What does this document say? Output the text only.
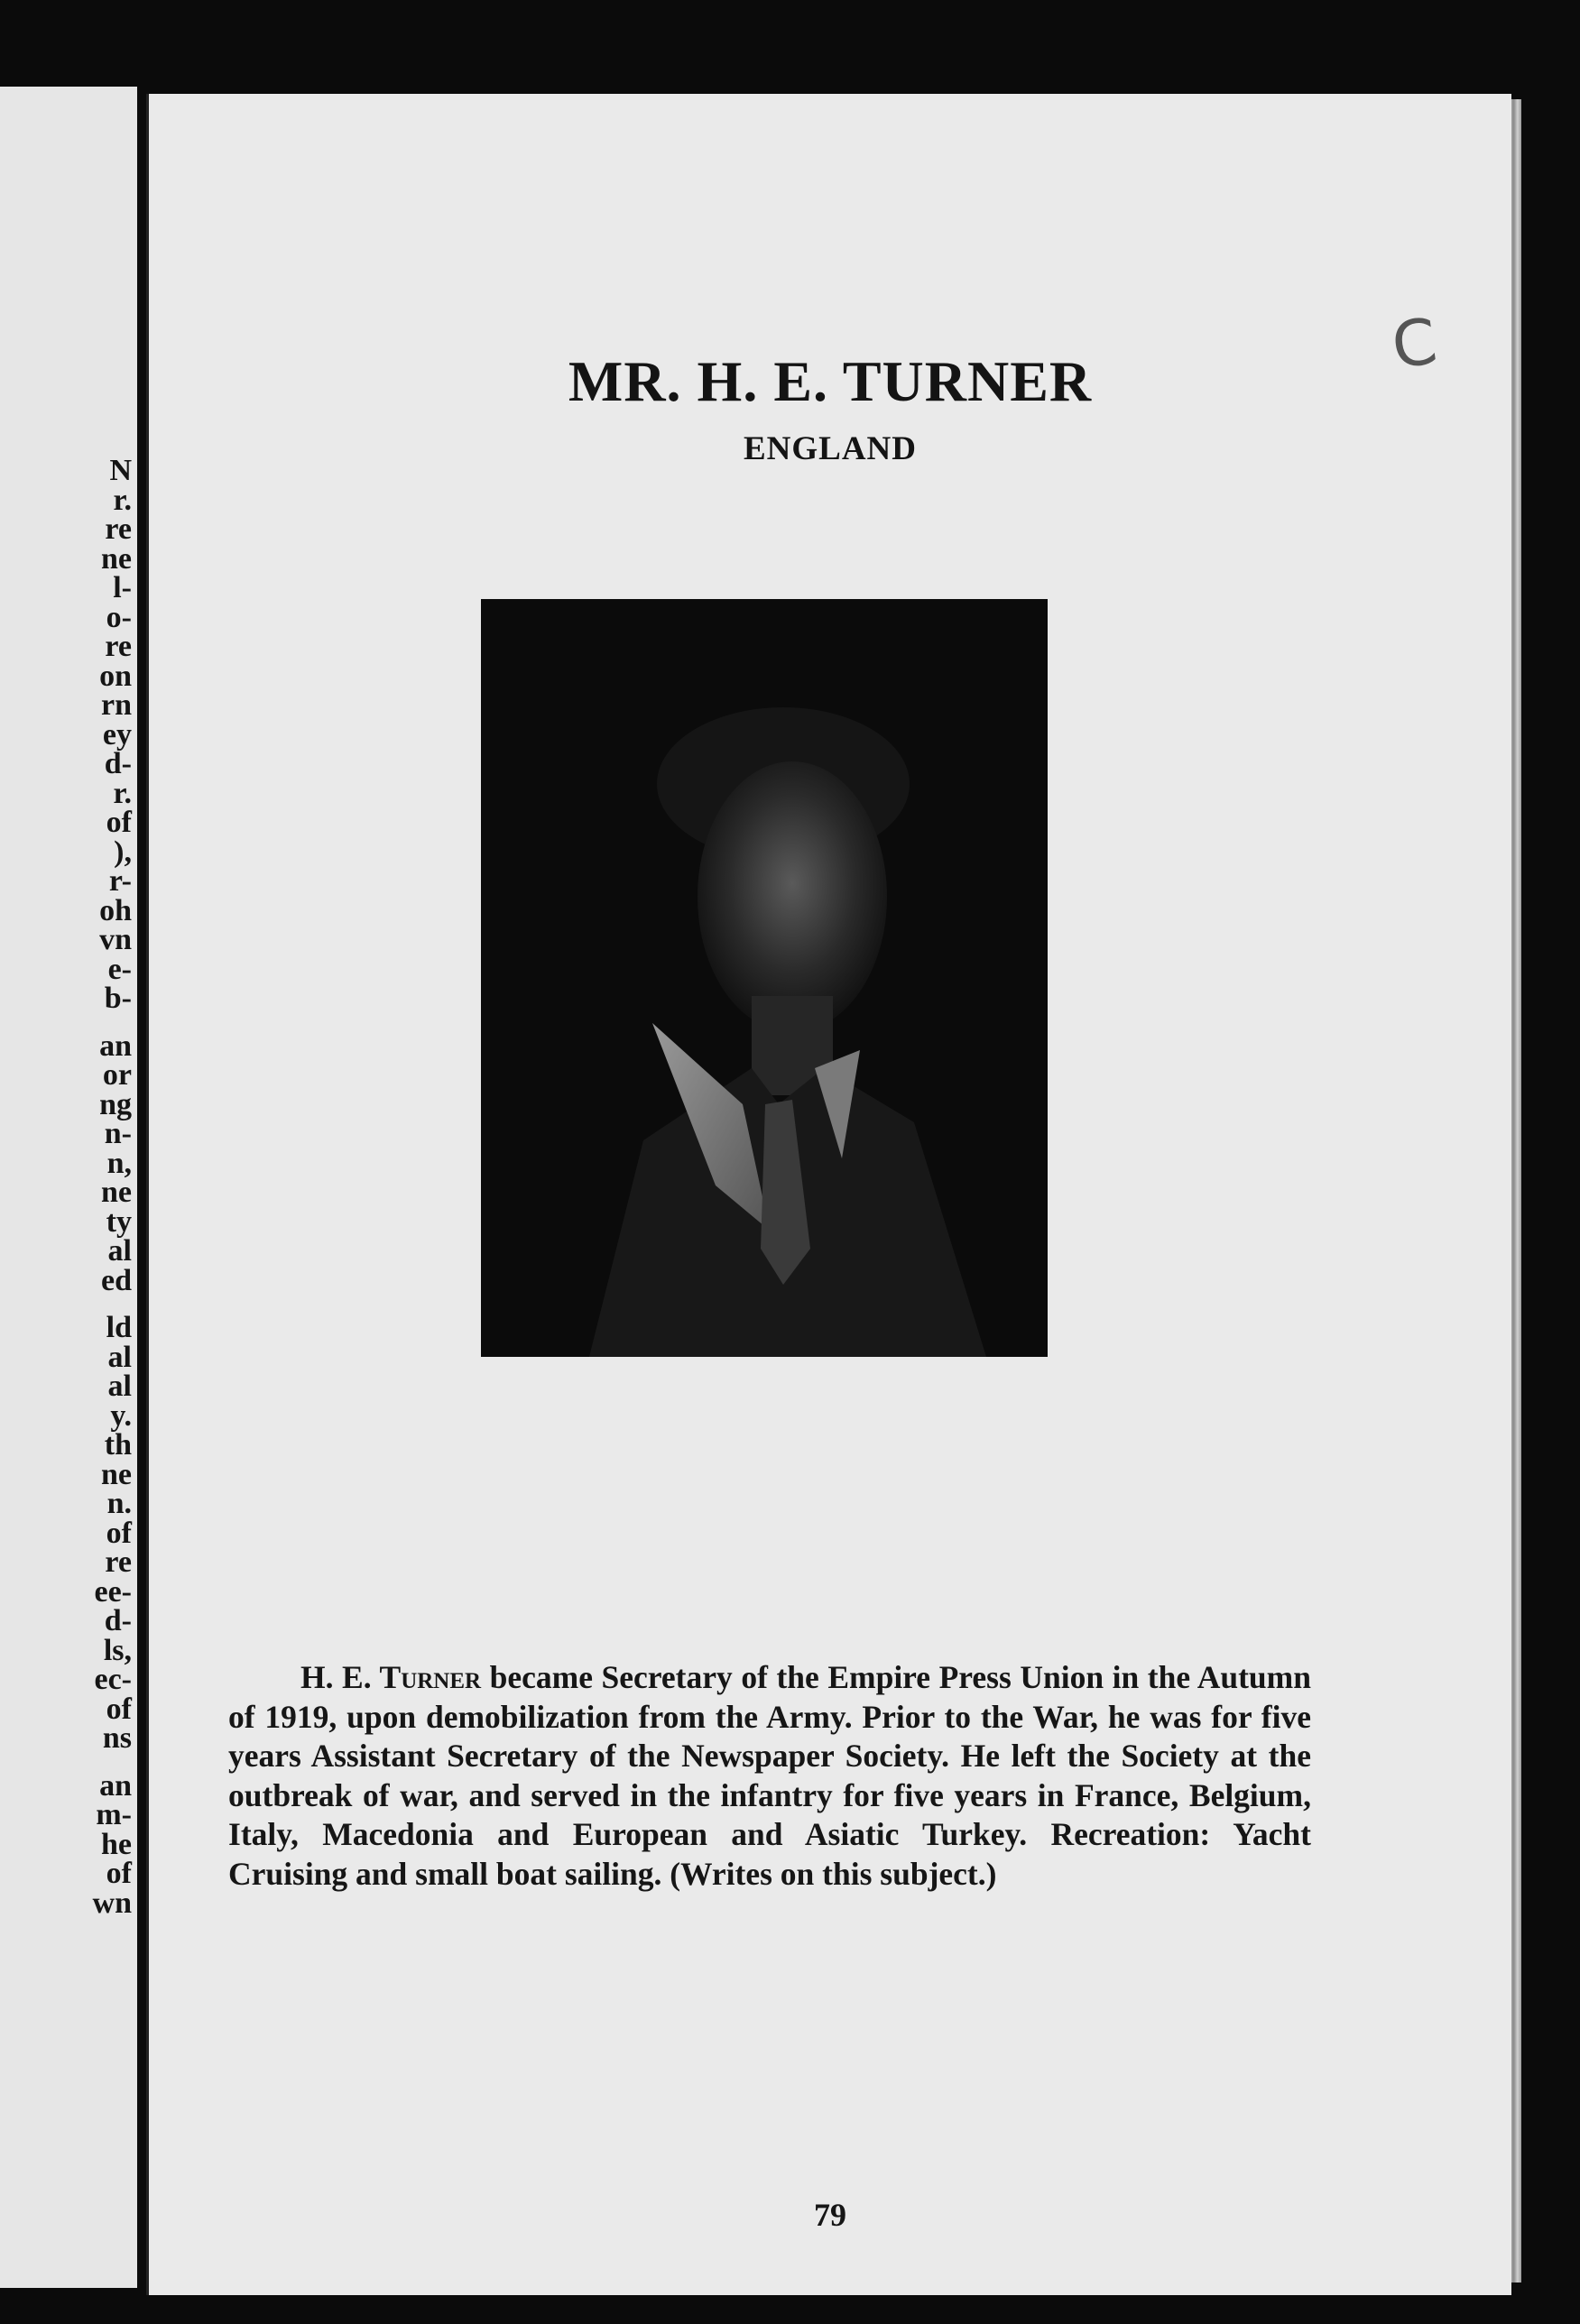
N
r.
re
ne
l-
o-
re
on
rn
ey
d-
r.
of
),
r-
oh
vn
e-
b-
an
or
ng
n-
n,
ne
ty
al
ed
ld
al
al
y.
th
ne
n.
of
re
ee-
d-
ls,
ec-
of
ns
an
m-
he
of
wn
C
MR. H. E. TURNER
ENGLAND
H. E. Turner became Secretary of the Empire Press Union in the Autumn of 1919, upon demobilization from the Army. Prior to the War, he was for five years Assistant Secretary of the Newspaper Society. He left the Society at the outbreak of war, and served in the infantry for five years in France, Belgium, Italy, Macedonia and European and Asiatic Turkey. Recreation: Yacht Cruising and small boat sailing. (Writes on this subject.)
79
